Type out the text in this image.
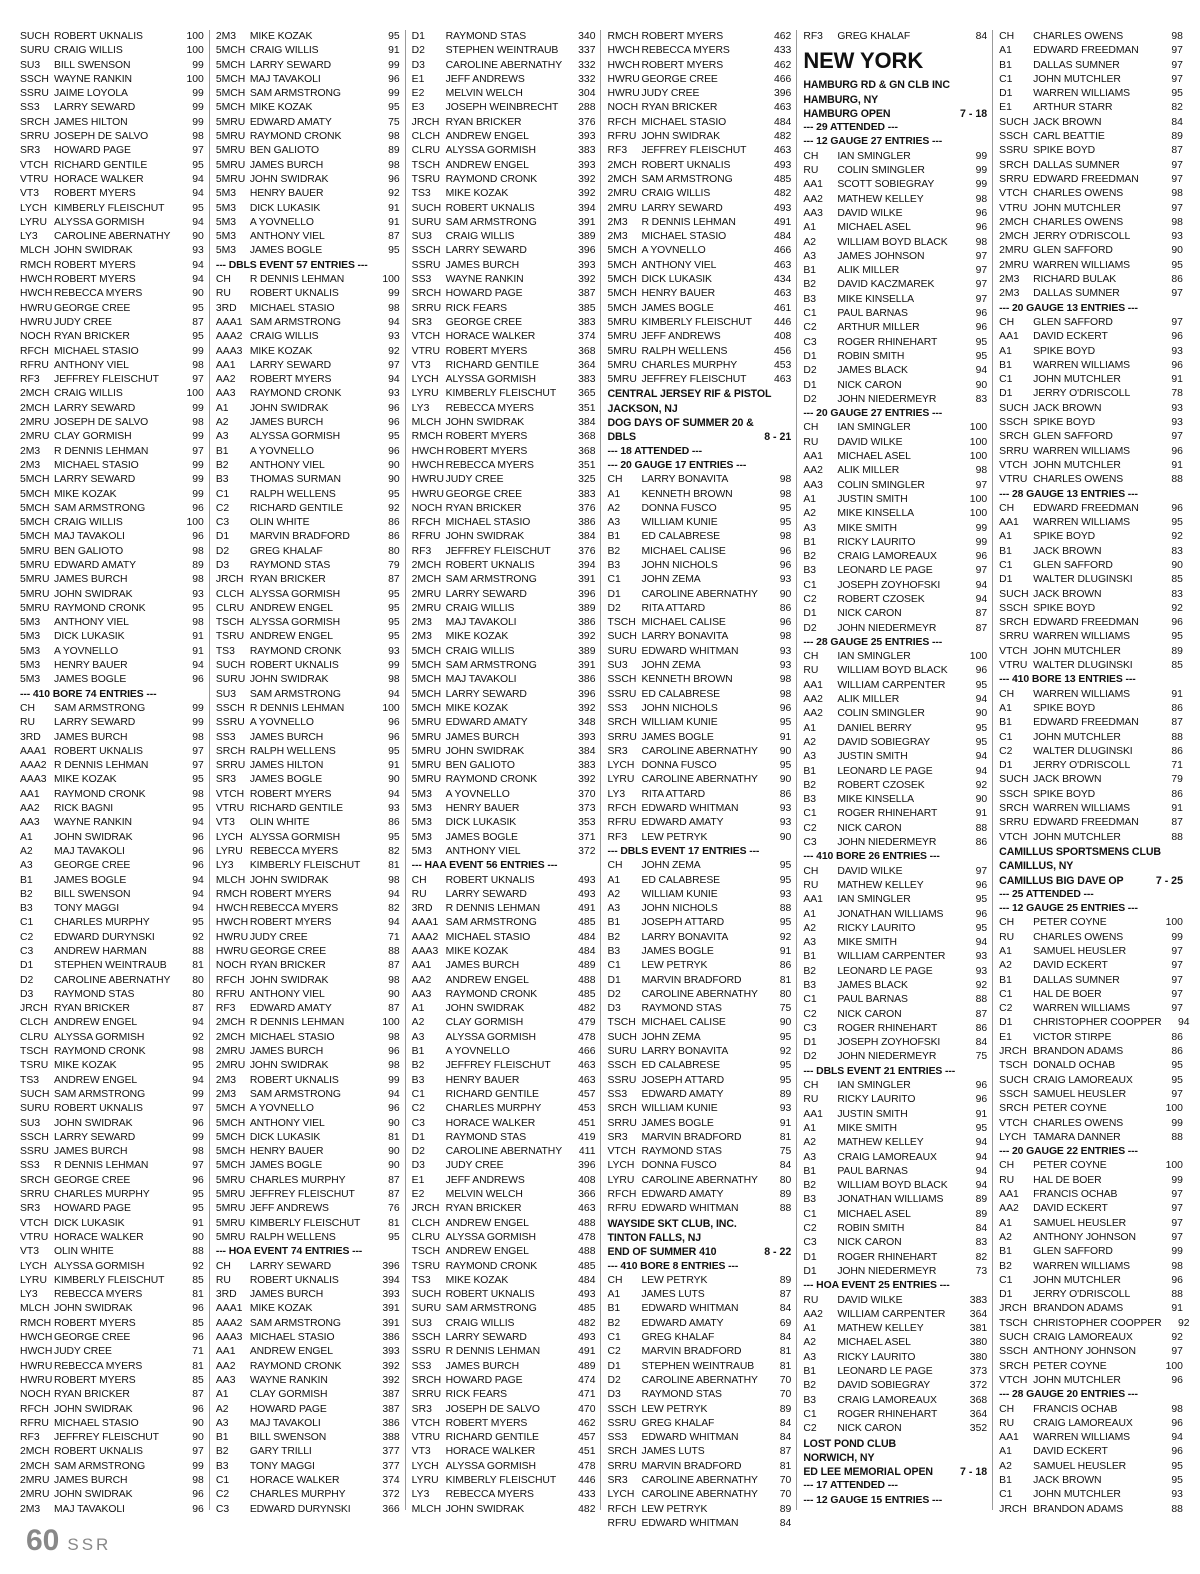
SUCH ROBERT UKNALIS	100
SURU CRAIG WILLIS	100
SU3	BILL SWENSON	99
SSCH WAYNE RANKIN	100
SSRU JAIME LOYOLA	99
SS3	LARRY SEWARD	99
SRCH JAMES HILTON	99
SRRU JOSEPH DE SALVO	98
SR3	HOWARD PAGE	97
VTCH RICHARD GENTILE	95
VTRU HORACE WALKER	94
VT3	ROBERT MYERS	94
LYCH KIMBERLY FLEISCHUT	95
LYRU ALYSSA GORMISH	94
LY3	CAROLINE ABERNATHY	90
MLCH JOHN SWIDRAK	93
RMCH ROBERT MYERS	94
HWCH ROBERT MYERS	94
HWCH REBECCA MYERS	90
HWRU GEORGE CREE	95
HWRU JUDY CREE	87
NOCH RYAN BRICKER	95
RFCH MICHAEL STASIO	99
RFRU ANTHONY VIEL	98
RF3	JEFFREY FLEISCHUT	97
2MCH CRAIG WILLIS	100
2MCH LARRY SEWARD	99
2MRU JOSEPH DE SALVO	98
2MRU CLAY GORMISH	99
2M3	R DENNIS LEHMAN	97
2M3	MICHAEL STASIO	99
5MCH LARRY SEWARD	99
5MCH MIKE KOZAK	99
5MCH SAM ARMSTRONG	96
5MCH CRAIG WILLIS	100
5MCH MAJ TAVAKOLI	96
5MRU BEN GALIOTO	98
5MRU EDWARD AMATY	89
5MRU JAMES BURCH	98
5MRU JOHN SWIDRAK	93
5MRU RAYMOND CRONK	95
5M3	ANTHONY VIEL	98
5M3	DICK LUKASIK	91
5M3	A YOVNELLO	91
5M3	HENRY BAUER	94
5M3	JAMES BOGLE	96
--- 410 BORE 74 ENTRIES ---
CH	SAM ARMSTRONG	99
RU	LARRY SEWARD	99
3RD	JAMES BURCH	98
AAA1 ROBERT UKNALIS	97
AAA2 R DENNIS LEHMAN	97
AAA3 MIKE KOZAK	95
AA1	RAYMOND CRONK	98
AA2	RICK BAGNI	95
AA3	WAYNE RANKIN	94
A1	JOHN SWIDRAK	96
A2	MAJ TAVAKOLI	96
A3	GEORGE CREE	96
B1	JAMES BOGLE	94
B2	BILL SWENSON	94
B3	TONY MAGGI	94
C1	CHARLES MURPHY	95
C2	EDWARD DURYNSKI	92
C3	ANDREW HARMAN	88
D1	STEPHEN WEINTRAUB	81
D2	CAROLINE ABERNATHY	80
D3	RAYMOND STAS	80
JRCH RYAN BRICKER	87
CLCH ANDREW ENGEL	94
CLRU ALYSSA GORMISH	92
TSCH RAYMOND CRONK	98
TSRU MIKE KOZAK	95
TS3	ANDREW ENGEL	94
SUCH SAM ARMSTRONG	99
SURU ROBERT UKNALIS	97
SU3	JOHN SWIDRAK	96
SSCH LARRY SEWARD	99
SSRU JAMES BURCH	98
SS3	R DENNIS LEHMAN	97
SRCH GEORGE CREE	96
SRRU CHARLES MURPHY	95
SR3	HOWARD PAGE	95
VTCH DICK LUKASIK	91
VTRU HORACE WALKER	90
VT3	OLIN WHITE	88
LYCH ALYSSA GORMISH	92
LYRU KIMBERLY FLEISCHUT	85
LY3	REBECCA MYERS	81
MLCH JOHN SWIDRAK	96
RMCH ROBERT MYERS	85
HWCH GEORGE CREE	96
HWCH JUDY CREE	71
HWRU REBECCA MYERS	81
HWRU ROBERT MYERS	85
NOCH RYAN BRICKER	87
RFCH JOHN SWIDRAK	96
RFRU MICHAEL STASIO	90
RF3	JEFFREY FLEISCHUT	90
2MCH ROBERT UKNALIS	97
2MCH SAM ARMSTRONG	99
2MRU JAMES BURCH	98
2MRU JOHN SWIDRAK	96
2M3	MAJ TAVAKOLI	96
2M3	MIKE KOZAK	95
5MCH CRAIG WILLIS	91
5MCH LARRY SEWARD	99
5MCH MAJ TAVAKOLI	96
5MCH SAM ARMSTRONG	99
5MCH MIKE KOZAK	95
5MRU EDWARD AMATY	75
5MRU RAYMOND CRONK	98
5MRU BEN GALIOTO	89
5MRU JAMES BURCH	98
5MRU JOHN SWIDRAK	96
5M3	HENRY BAUER	92
5M3	DICK LUKASIK	91
5M3	A YOVNELLO	91
5M3	ANTHONY VIEL	87
5M3	JAMES BOGLE	95
--- DBLS EVENT 57 ENTRIES ---
CH	R DENNIS LEHMAN	100
RU	ROBERT UKNALIS	99
3RD	MICHAEL STASIO	98
AAA1 SAM ARMSTRONG	94
AAA2 CRAIG WILLIS	93
AAA3 MIKE KOZAK	92
AA1	LARRY SEWARD	97
AA2	ROBERT MYERS	94
AA3	RAYMOND CRONK	93
A1	JOHN SWIDRAK	96
A2	JAMES BURCH	96
A3	ALYSSA GORMISH	95
B1	A YOVNELLO	96
B2	ANTHONY VIEL	90
B3	THOMAS SURMAN	90
C1	RALPH WELLENS	95
C2	RICHARD GENTILE	92
C3	OLIN WHITE	86
D1	MARVIN BRADFORD	86
D2	GREG KHALAF	80
D3	RAYMOND STAS	79
JRCH RYAN BRICKER	87
CLCH ALYSSA GORMISH	95
CLRU ANDREW ENGEL	95
TSCH ALYSSA GORMISH	95
TSRU ANDREW ENGEL	95
TS3	RAYMOND CRONK	93
SUCH ROBERT UKNALIS	99
SURU JOHN SWIDRAK	98
SU3	SAM ARMSTRONG	94
SSCH R DENNIS LEHMAN	100
SSRU A YOVNELLO	96
SS3	JAMES BURCH	96
SRCH RALPH WELLENS	95
SRRU JAMES HILTON	91
SR3	JAMES BOGLE	90
VTCH ROBERT MYERS	94
VTRU RICHARD GENTILE	93
VT3	OLIN WHITE	86
LYCH ALYSSA GORMISH	95
LYRU REBECCA MYERS	82
LY3	KIMBERLY FLEISCHUT	81
MLCH JOHN SWIDRAK	98
RMCH ROBERT MYERS	94
HWCH REBECCA MYERS	82
HWCH ROBERT MYERS	94
HWRU JUDY CREE	71
HWRU GEORGE CREE	88
NOCH RYAN BRICKER	87
RFCH JOHN SWIDRAK	98
RFRU ANTHONY VIEL	90
RF3	EDWARD AMATY	87
2MCH R DENNIS LEHMAN	100
2MCH MICHAEL STASIO	98
2MRU JAMES BURCH	96
2MRU JOHN SWIDRAK	98
2M3	ROBERT UKNALIS	99
2M3	SAM ARMSTRONG	94
5MCH A YOVNELLO	96
5MCH ANTHONY VIEL	90
5MCH DICK LUKASIK	81
5MCH HENRY BAUER	90
5MCH JAMES BOGLE	90
5MRU CHARLES MURPHY	87
5MRU JEFFREY FLEISCHUT	87
5MRU JEFF ANDREWS	76
5MRU KIMBERLY FLEISCHUT	81
5MRU RALPH WELLENS	95
--- HOA EVENT 74 ENTRIES ---
CH	LARRY SEWARD	396
RU	ROBERT UKNALIS	394
3RD	JAMES BURCH	393
AAA1 MIKE KOZAK	391
AAA2 SAM ARMSTRONG	391
AAA3 MICHAEL STASIO	386
AA1	ANDREW ENGEL	393
AA2	RAYMOND CRONK	392
AA3	WAYNE RANKIN	392
A1	CLAY GORMISH	387
A2	HOWARD PAGE	387
A3	MAJ TAVAKOLI	386
B1	BILL SWENSON	388
B2	GARY TRILLI	377
B3	TONY MAGGI	377
C1	HORACE WALKER	374
C2	CHARLES MURPHY	372
C3	EDWARD DURYNSKI	366
D1	RAYMOND STAS	340
D2	STEPHEN WEINTRAUB	337
D3	CAROLINE ABERNATHY	332
E1	JEFF ANDREWS	332
E2	MELVIN WELCH	304
E3	JOSEPH WEINBRECHT	288
JRCH RYAN BRICKER	376
CLCH ANDREW ENGEL	393
CLRU ALYSSA GORMISH	383
TSCH ANDREW ENGEL	393
TSRU RAYMOND CRONK	392
TS3	MIKE KOZAK	392
SUCH ROBERT UKNALIS	394
SURU SAM ARMSTRONG	391
SU3	CRAIG WILLIS	389
SSCH LARRY SEWARD	396
SSRU JAMES BURCH	393
SS3	WAYNE RANKIN	392
SRCH HOWARD PAGE	387
SRRU RICK FEARS	385
SR3	GEORGE CREE	383
VTCH HORACE WALKER	374
VTRU ROBERT MYERS	368
VT3	RICHARD GENTILE	364
LYCH ALYSSA GORMISH	383
LYRU KIMBERLY FLEISCHUT	365
LY3	REBECCA MYERS	351
MLCH JOHN SWIDRAK	384
RMCH ROBERT MYERS	368
HWCH ROBERT MYERS	368
HWCH REBECCA MYERS	351
HWRU JUDY CREE	325
HWRU GEORGE CREE	383
NOCH RYAN BRICKER	376
RFCH MICHAEL STASIO	386
RFRU JOHN SWIDRAK	384
RF3	JEFFREY FLEISCHUT	376
2MCH ROBERT UKNALIS	394
2MCH SAM ARMSTRONG	391
2MRU LARRY SEWARD	396
2MRU CRAIG WILLIS	389
2M3	MAJ TAVAKOLI	386
2M3	MIKE KOZAK	392
5MCH CRAIG WILLIS	389
5MCH SAM ARMSTRONG	391
5MCH MAJ TAVAKOLI	386
5MCH LARRY SEWARD	396
5MCH MIKE KOZAK	392
5MRU EDWARD AMATY	348
5MRU JAMES BURCH	393
5MRU JOHN SWIDRAK	384
5MRU BEN GALIOTO	383
5MRU RAYMOND CRONK	392
5M3	A YOVNELLO	370
5M3	HENRY BAUER	373
5M3	DICK LUKASIK	353
5M3	JAMES BOGLE	371
5M3	ANTHONY VIEL	372
--- HAA EVENT 56 ENTRIES ---
CH	ROBERT UKNALIS	493
RU	LARRY SEWARD	493
3RD	R DENNIS LEHMAN	491
AAA1 SAM ARMSTRONG	485
AAA2 MICHAEL STASIO	484
AAA3 MIKE KOZAK	484
AA1	JAMES BURCH	489
AA2	ANDREW ENGEL	488
AA3	RAYMOND CRONK	485
A1	JOHN SWIDRAK	482
A2	CLAY GORMISH	479
A3	ALYSSA GORMISH	478
B1	A YOVNELLO	466
B2	JEFFREY FLEISCHUT	463
B3	HENRY BAUER	463
C1	RICHARD GENTILE	457
C2	CHARLES MURPHY	453
C3	HORACE WALKER	451
D1	RAYMOND STAS	419
D2	CAROLINE ABERNATHY	411
D3	JUDY CREE	396
E1	JEFF ANDREWS	408
E2	MELVIN WELCH	366
JRCH RYAN BRICKER	463
CLCH ANDREW ENGEL	488
CLRU ALYSSA GORMISH	478
TSCH ANDREW ENGEL	488
TSRU RAYMOND CRONK	485
TS3	MIKE KOZAK	484
SUCH ROBERT UKNALIS	493
SURU SAM ARMSTRONG	485
SU3	CRAIG WILLIS	482
SSCH LARRY SEWARD	493
SSRU R DENNIS LEHMAN	491
SS3	JAMES BURCH	489
SRCH HOWARD PAGE	474
SRRU RICK FEARS	471
SR3	JOSEPH DE SALVO	470
VTCH ROBERT MYERS	462
VTRU RICHARD GENTILE	457
VT3	HORACE WALKER	451
LYCH ALYSSA GORMISH	478
LYRU KIMBERLY FLEISCHUT	446
LY3	REBECCA MYERS	433
MLCH JOHN SWIDRAK	482
RMCH ROBERT MYERS	462
HWCH REBECCA MYERS	433
HWCH ROBERT MYERS	462
HWRU GEORGE CREE	466
HWRU JUDY CREE	396
NOCH RYAN BRICKER	463
RFCH MICHAEL STASIO	484
RFRU JOHN SWIDRAK	482
RF3	JEFFREY FLEISCHUT	463
2MCH ROBERT UKNALIS	493
2MCH SAM ARMSTRONG	485
2MRU CRAIG WILLIS	482
2MRU LARRY SEWARD	493
2M3	R DENNIS LEHMAN	491
2M3	MICHAEL STASIO	484
5MCH A YOVNELLO	466
5MCH ANTHONY VIEL	463
5MCH DICK LUKASIK	434
5MCH HENRY BAUER	463
5MCH JAMES BOGLE	461
5MRU KIMBERLY FLEISCHUT	446
5MRU JEFF ANDREWS	408
5MRU RALPH WELLENS	456
5MRU CHARLES MURPHY	453
5MRU JEFFREY FLEISCHUT	463
CENTRAL JERSEY RIF & PISTOL
JACKSON, NJ
DOG DAYS OF SUMMER 20 &
DBLS	8 - 21
--- 18 ATTENDED ---
--- 20 GAUGE 17 ENTRIES ---
CH	LARRY BONAVITA	98
A1	KENNETH BROWN	98
A2	DONNA FUSCO	95
A3	WILLIAM KUNIE	95
B1	ED CALABRESE	98
B2	MICHAEL CALISE	96
B3	JOHN NICHOLS	96
C1	JOHN ZEMA	93
D1	CAROLINE ABERNATHY	90
D2	RITA ATTARD	86
TSCH MICHAEL CALISE	96
SUCH LARRY BONAVITA	98
SURU EDWARD WHITMAN	93
SU3	JOHN ZEMA	93
SSCH KENNETH BROWN	98
SSRU ED CALABRESE	98
SS3	JOHN NICHOLS	96
SRCH WILLIAM KUNIE	95
SRRU JAMES BOGLE	91
SR3	CAROLINE ABERNATHY	90
LYCH DONNA FUSCO	95
LYRU CAROLINE ABERNATHY	90
LY3	RITA ATTARD	86
RFCH EDWARD WHITMAN	93
RFRU EDWARD AMATY	93
RF3	LEW PETRYK	90
--- DBLS EVENT 17 ENTRIES ---
CH	JOHN ZEMA	95
A1	ED CALABRESE	95
A2	WILLIAM KUNIE	93
A3	JOHN NICHOLS	88
B1	JOSEPH ATTARD	95
B2	LARRY BONAVITA	92
B3	JAMES BOGLE	91
C1	LEW PETRYK	86
D1	MARVIN BRADFORD	81
D2	CAROLINE ABERNATHY	80
D3	RAYMOND STAS	75
TSCH MICHAEL CALISE	90
SUCH JOHN ZEMA	95
SURU LARRY BONAVITA	92
SSCH ED CALABRESE	95
SSRU JOSEPH ATTARD	95
SS3	EDWARD AMATY	89
SRCH WILLIAM KUNIE	93
SRRU JAMES BOGLE	91
SR3	MARVIN BRADFORD	81
VTCH RAYMOND STAS	75
LYCH DONNA FUSCO	84
LYRU CAROLINE ABERNATHY	80
RFCH EDWARD AMATY	89
RFRU EDWARD WHITMAN	88
WAYSIDE SKT CLUB, INC.
TINTON FALLS, NJ
END OF SUMMER 410	8 - 22
--- 410 BORE 8 ENTRIES ---
CH	LEW PETRYK	89
A1	JAMES LUTS	87
B1	EDWARD WHITMAN	84
B2	EDWARD AMATY	69
C1	GREG KHALAF	84
C2	MARVIN BRADFORD	81
D1	STEPHEN WEINTRAUB	81
D2	CAROLINE ABERNATHY	70
D3	RAYMOND STAS	70
SSCH LEW PETRYK	89
SSRU GREG KHALAF	84
SS3	EDWARD WHITMAN	84
SRCH JAMES LUTS	87
SRRU MARVIN BRADFORD	81
SR3	CAROLINE ABERNATHY	70
LYCH CAROLINE ABERNATHY	70
RFCH LEW PETRYK	89
RFRU EDWARD WHITMAN	84
RF3	GREG KHALAF	84
NEW YORK
HAMBURG RD & GN CLB INC
HAMBURG, NY
HAMBURG OPEN	7 - 18
--- 29 ATTENDED ---
--- 12 GAUGE 27 ENTRIES ---
CH	IAN SMINGLER	99
RU	COLIN SMINGLER	99
AA1	SCOTT SOBIEGRAY	99
AA2	MATHEW KELLEY	98
AA3	DAVID WILKE	96
A1	MICHAEL ASEL	96
A2	WILLIAM BOYD BLACK	98
A3	JAMES JOHNSON	97
B1	ALIK MILLER	97
B2	DAVID KACZMAREK	97
B3	MIKE KINSELLA	97
C1	PAUL BARNAS	96
C2	ARTHUR MILLER	96
C3	ROGER RHINEHART	95
D1	ROBIN SMITH	95
D2	JAMES BLACK	94
D1	NICK CARON	90
D2	JOHN NIEDERMEYR	83
--- 20 GAUGE 27 ENTRIES ---
CH	IAN SMINGLER	100
RU	DAVID WILKE	100
AA1	MICHAEL ASEL	100
AA2	ALIK MILLER	98
AA3	COLIN SMINGLER	97
A1	JUSTIN SMITH	100
A2	MIKE KINSELLA	100
A3	MIKE SMITH	99
B1	RICKY LAURITO	99
B2	CRAIG LAMOREAUX	96
B3	LEONARD LE PAGE	97
C1	JOSEPH ZOYHOFSKI	94
C2	ROBERT CZOSEK	94
D1	NICK CARON	87
D2	JOHN NIEDERMEYR	87
--- 28 GAUGE 25 ENTRIES ---
CH	IAN SMINGLER	100
RU	WILLIAM BOYD BLACK	96
AA1	WILLIAM CARPENTER	95
AA2	ALIK MILLER	94
AA2	COLIN SMINGLER	90
A1	DANIEL BERRY	95
A2	DAVID SOBIEGRAY	95
A3	JUSTIN SMITH	94
B1	LEONARD LE PAGE	94
B2	ROBERT CZOSEK	92
B3	MIKE KINSELLA	90
C1	ROGER RHINEHART	91
C2	NICK CARON	88
C3	JOHN NIEDERMEYR	86
--- 410 BORE 26 ENTRIES ---
CH	DAVID WILKE	97
RU	MATHEW KELLEY	96
AA1	IAN SMINGLER	95
A1	JONATHAN WILLIAMS	96
A2	RICKY LAURITO	95
A3	MIKE SMITH	94
B1	WILLIAM CARPENTER	93
B2	LEONARD LE PAGE	93
B3	JAMES BLACK	92
C1	PAUL BARNAS	88
C2	NICK CARON	87
C3	ROGER RHINEHART	86
D1	JOSEPH ZOYHOFSKI	84
D2	JOHN NIEDERMEYR	75
--- DBLS EVENT 21 ENTRIES ---
CH	IAN SMINGLER	96
RU	RICKY LAURITO	96
AA1	JUSTIN SMITH	91
A1	MIKE SMITH	95
A2	MATHEW KELLEY	94
A3	CRAIG LAMOREAUX	94
B1	PAUL BARNAS	94
B2	WILLIAM BOYD BLACK	94
B3	JONATHAN WILLIAMS	89
C1	MICHAEL ASEL	89
C2	ROBIN SMITH	84
C3	NICK CARON	83
D1	ROGER RHINEHART	82
D1	JOHN NIEDERMEYR	73
--- HOA EVENT 25 ENTRIES ---
RU	DAVID WILKE	383
AA2	WILLIAM CARPENTER	364
A1	MATHEW KELLEY	381
A2	MICHAEL ASEL	380
A3	RICKY LAURITO	380
B1	LEONARD LE PAGE	373
B2	DAVID SOBIEGRAY	372
B3	CRAIG LAMOREAUX	368
C1	ROGER RHINEHART	364
C2	NICK CARON	352
LOST POND CLUB
NORWICH, NY
ED LEE MEMORIAL OPEN	7 - 18
--- 17 ATTENDED ---
--- 12 GAUGE 15 ENTRIES ---
CH	CHARLES OWENS	98
A1	EDWARD FREEDMAN	97
B1	DALLAS SUMNER	97
C1	JOHN MUTCHLER	97
D1	WARREN WILLIAMS	95
E1	ARTHUR STARR	82
SUCH JACK BROWN	84
SSCH CARL BEATTIE	89
SSRU SPIKE BOYD	87
SRCH DALLAS SUMNER	97
SRRU EDWARD FREEDMAN	97
VTCH CHARLES OWENS	98
VTRU JOHN MUTCHLER	97
2MCH CHARLES OWENS	98
2MCH JERRY O'DRISCOLL	93
2MRU GLEN SAFFORD	90
2MRU WARREN WILLIAMS	95
2M3	RICHARD BULAK	86
2M3	DALLAS SUMNER	97
--- 20 GAUGE 13 ENTRIES ---
CH	GLEN SAFFORD	97
AA1	DAVID ECKERT	96
A1	SPIKE BOYD	93
B1	WARREN WILLIAMS	96
C1	JOHN MUTCHLER	91
D1	JERRY O'DRISCOLL	78
SUCH JACK BROWN	93
SSCH SPIKE BOYD	93
SRCH GLEN SAFFORD	97
SRRU WARREN WILLIAMS	96
VTCH JOHN MUTCHLER	91
VTRU CHARLES OWENS	88
--- 28 GAUGE 13 ENTRIES ---
CH	EDWARD FREEDMAN	96
AA1	WARREN WILLIAMS	95
A1	SPIKE BOYD	92
B1	JACK BROWN	83
C1	GLEN SAFFORD	90
D1	WALTER DLUGINSKI	85
SUCH JACK BROWN	83
SSCH SPIKE BOYD	92
SRCH EDWARD FREEDMAN	96
SRRU WARREN WILLIAMS	95
VTCH JOHN MUTCHLER	89
VTRU WALTER DLUGINSKI	85
--- 410 BORE 13 ENTRIES ---
CH	WARREN WILLIAMS	91
A1	SPIKE BOYD	86
B1	EDWARD FREEDMAN	87
C1	JOHN MUTCHLER	88
C2	WALTER DLUGINSKI	86
D1	JERRY O'DRISCOLL	71
SUCH JACK BROWN	79
SSCH SPIKE BOYD	86
SRCH WARREN WILLIAMS	91
SRRU EDWARD FREEDMAN	87
VTCH JOHN MUTCHLER	88
CAMILLUS SPORTSMENS CLUB
CAMILLUS, NY
CAMILLUS BIG DAVE OP	7 - 25
--- 25 ATTENDED ---
--- 12 GAUGE 25 ENTRIES ---
CH	PETER COYNE	100
RU	CHARLES OWENS	99
A1	SAMUEL HEUSLER	97
A2	DAVID ECKERT	97
B1	DALLAS SUMNER	97
C1	HAL DE BOER	97
C2	WARREN WILLIAMS	97
D1	CHRISTOPHER COOPPER	94
E1	VICTOR STIRPE	86
JRCH BRANDON ADAMS	86
TSCH DONALD OCHAB	95
SUCH CRAIG LAMOREAUX	95
SSCH SAMUEL HEUSLER	97
SRCH PETER COYNE	100
VTCH CHARLES OWENS	99
LYCH TAMARA DANNER	88
--- 20 GAUGE 22 ENTRIES ---
CH	PETER COYNE	100
RU	HAL DE BOER	99
AA1	FRANCIS OCHAB	97
AA2	DAVID ECKERT	97
A1	SAMUEL HEUSLER	97
A2	ANTHONY JOHNSON	97
B1	GLEN SAFFORD	99
B2	WARREN WILLIAMS	98
C1	JOHN MUTCHLER	96
D1	JERRY O'DRISCOLL	88
JRCH BRANDON ADAMS	91
TSCH CHRISTOPHER COOPPER	92
SUCH CRAIG LAMOREAUX	92
SSCH ANTHONY JOHNSON	97
SRCH PETER COYNE	100
VTCH JOHN MUTCHLER	96
--- 28 GAUGE 20 ENTRIES ---
CH	FRANCIS OCHAB	98
RU	CRAIG LAMOREAUX	96
AA1	WARREN WILLIAMS	94
A1	DAVID ECKERT	96
A2	SAMUEL HEUSLER	95
B1	JACK BROWN	95
C1	JOHN MUTCHLER	93
JRCH BRANDON ADAMS	88
60 SSR
